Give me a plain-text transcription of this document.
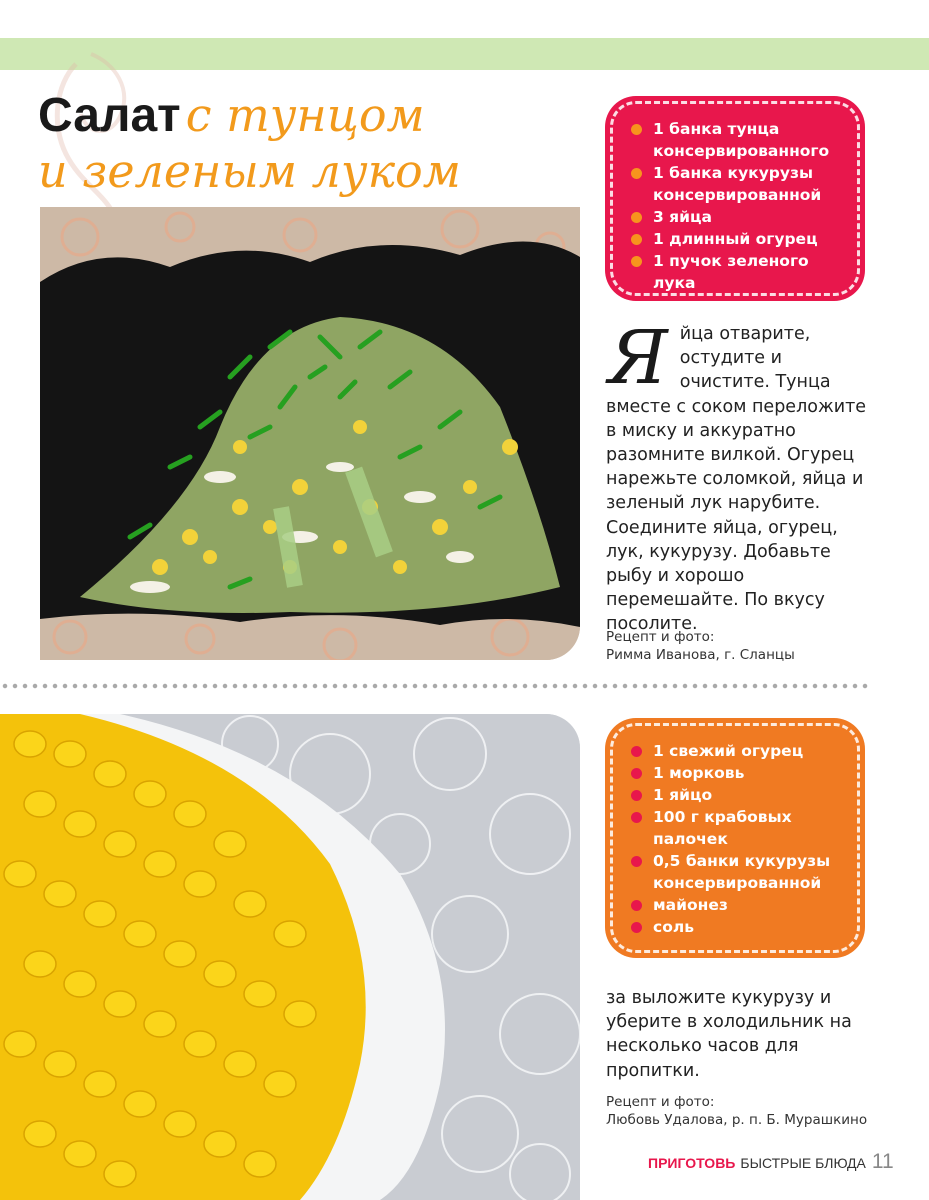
Салат с тунцом
и зеленым луком
1 банка тунца консервированного
1 банка кукурузы консервированной
3 яйца
1 длинный огурец
1 пучок зеленого лука
Яйца отварите, остудите и очистите. Тунца вместе с соком переложите в миску и аккуратно разомните вилкой. Огурец нарежьте соломкой, яйца и зеленый лук нарубите. Соедините яйца, огурец, лук, кукурузу. Добавьте рыбу и хорошо перемешайте. По вкусу посолите.
Рецепт и фото:
Римма Иванова, г. Сланцы
1 свежий огурец
1 морковь
1 яйцо
100 г крабовых палочек
0,5 банки кукурузы консервированной
майонез
соль
за выложите кукурузу и уберите в холодильник на несколько часов для пропитки.
Рецепт и фото:
Любовь Удалова, р. п. Б. Мурашкино
ПРИГОТОВЬ БЫСТРЫЕ БЛЮДА 11
